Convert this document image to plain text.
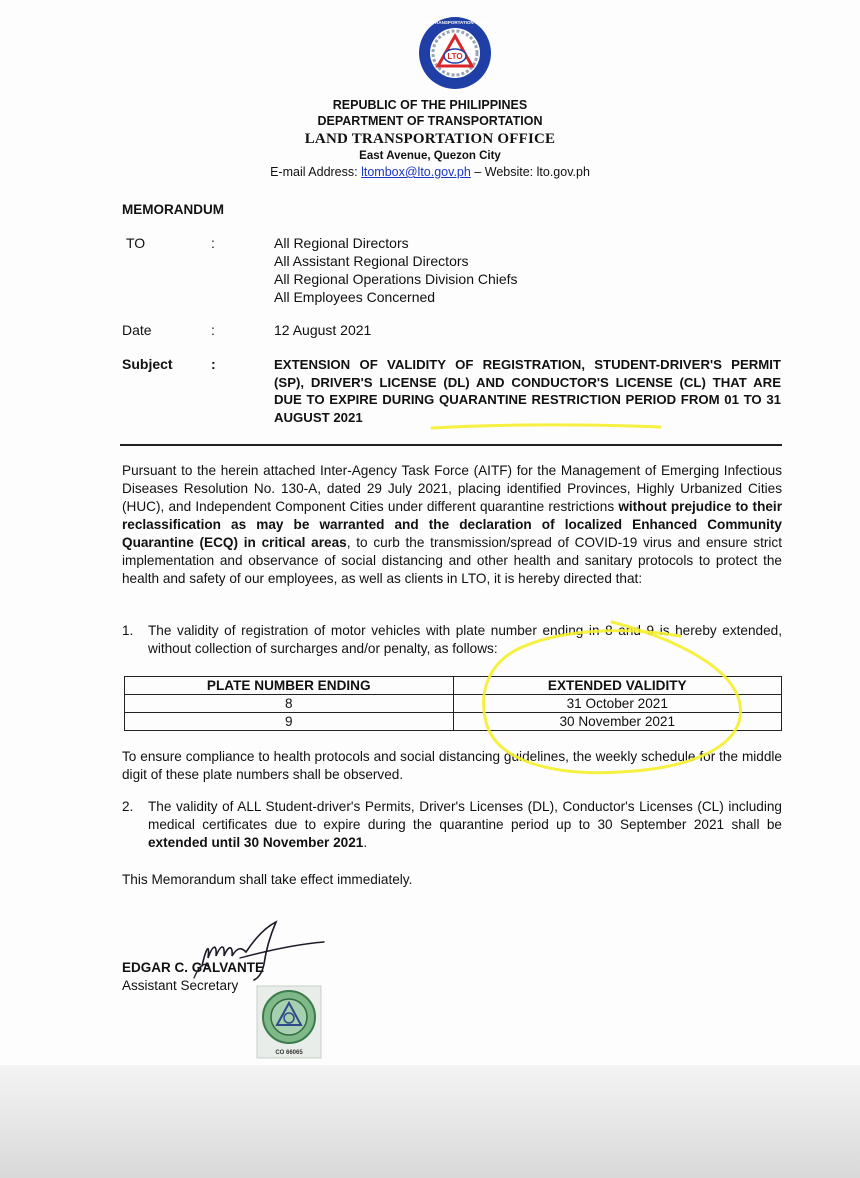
LTO
LAND TRANSPORTATION OFFICE
REPUBLIC OF THE PHILIPPINES
DEPARTMENT OF TRANSPORTATION
LAND TRANSPORTATION OFFICE
East Avenue, Quezon City
E-mail Address: ltombox@lto.gov.ph – Website: lto.gov.ph
MEMORANDUM
TO	:	All Regional Directors
All Assistant Regional Directors
All Regional Operations Division Chiefs
All Employees Concerned
Date	:	12 August 2021
Subject	:	EXTENSION OF VALIDITY OF REGISTRATION, STUDENT-DRIVER'S PERMIT (SP), DRIVER'S LICENSE (DL) AND CONDUCTOR'S LICENSE (CL) THAT ARE DUE TO EXPIRE DURING QUARANTINE RESTRICTION PERIOD FROM 01 TO 31 AUGUST 2021
Pursuant to the herein attached Inter-Agency Task Force (AITF) for the Management of Emerging Infectious Diseases Resolution No. 130-A, dated 29 July 2021, placing identified Provinces, Highly Urbanized Cities (HUC), and Independent Component Cities under different quarantine restrictions without prejudice to their reclassification as may be warranted and the declaration of localized Enhanced Community Quarantine (ECQ) in critical areas, to curb the transmission/spread of COVID-19 virus and ensure strict implementation and observance of social distancing and other health and sanitary protocols to protect the health and safety of our employees, as well as clients in LTO, it is hereby directed that:
1. The validity of registration of motor vehicles with plate number ending in 8 and 9 is hereby extended, without collection of surcharges and/or penalty, as follows:
PLATE NUMBER ENDING	EXTENDED VALIDITY
8	31 October 2021
9	30 November 2021
To ensure compliance to health protocols and social distancing guidelines, the weekly schedule for the middle digit of these plate numbers shall be observed.
2. The validity of ALL Student-driver's Permits, Driver's Licenses (DL), Conductor's Licenses (CL) including medical certificates due to expire during the quarantine period up to 30 September 2021 shall be extended until 30 November 2021.
This Memorandum shall take effect immediately.
EDGAR C. GALVANTE
Assistant Secretary
CO 66065
